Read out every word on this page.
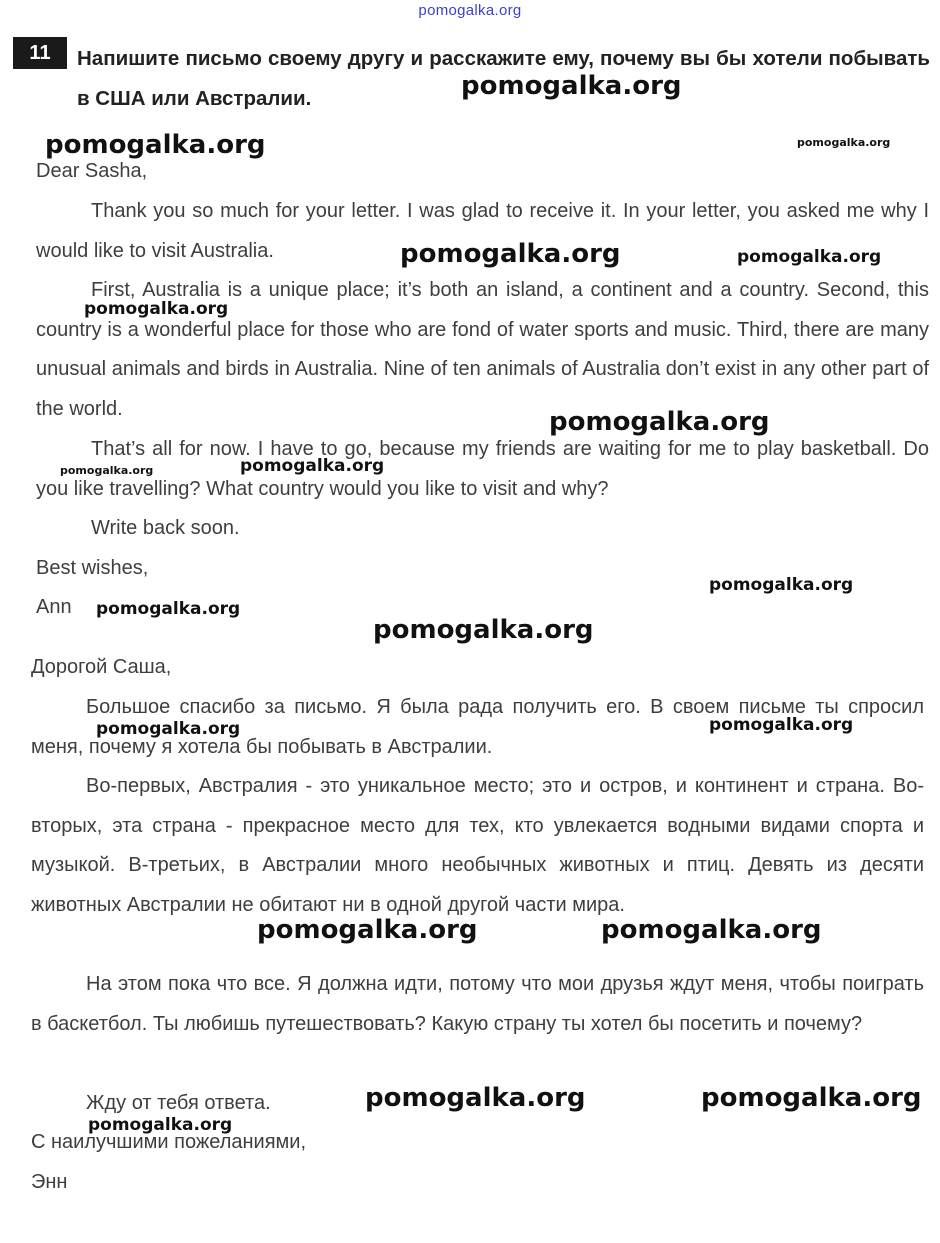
pomogalka.org
11	Напишите письмо своему другу и расскажите ему, почему вы бы хотели побывать в США или Австралии.

Dear Sasha,

Thank you so much for your letter. I was glad to receive it. In your letter, you asked me why I would like to visit Australia.

First, Australia is a unique place; it’s both an island, a continent and a country. Second, this country is a wonderful place for those who are fond of water sports and music. Third, there are many unusual animals and birds in Australia. Nine of ten animals of Australia don’t exist in any other part of the world.

That’s all for now. I have to go, because my friends are waiting for me to play basketball. Do you like travelling? What country would you like to visit and why?

Write back soon.

Best wishes,

Ann

Дорогой Саша,

Большое спасибо за письмо. Я была рада получить его. В своем письме ты спросил меня, почему я хотела бы побывать в Австралии.

Во-первых, Австралия - это уникальное место; это и остров, и континент и страна. Во-вторых, эта страна - прекрасное место для тех, кто увлекается водными видами спорта и музыкой. В-третьих, в Австралии много необычных животных и птиц. Девять из десяти животных Австралии не обитают ни в одной другой части мира.

На этом пока что все. Я должна идти, потому что мои друзья ждут меня, чтобы поиграть в баскетбол. Ты любишь путешествовать? Какую страну ты хотел бы посетить и почему?

Жду от тебя ответа.

С наилучшими пожеланиями,

Энн

pomogalka.org
pomogalka.org	pomogalka.org
pomogalka.org	pomogalka.org
pomogalka.org
pomogalka.org
pomogalka.org	pomogalka.org
pomogalka.org
pomogalka.org
pomogalka.org
pomogalka.org	pomogalka.org
pomogalka.org	pomogalka.org
pomogalka.org	pomogalka.org
pomogalka.org
